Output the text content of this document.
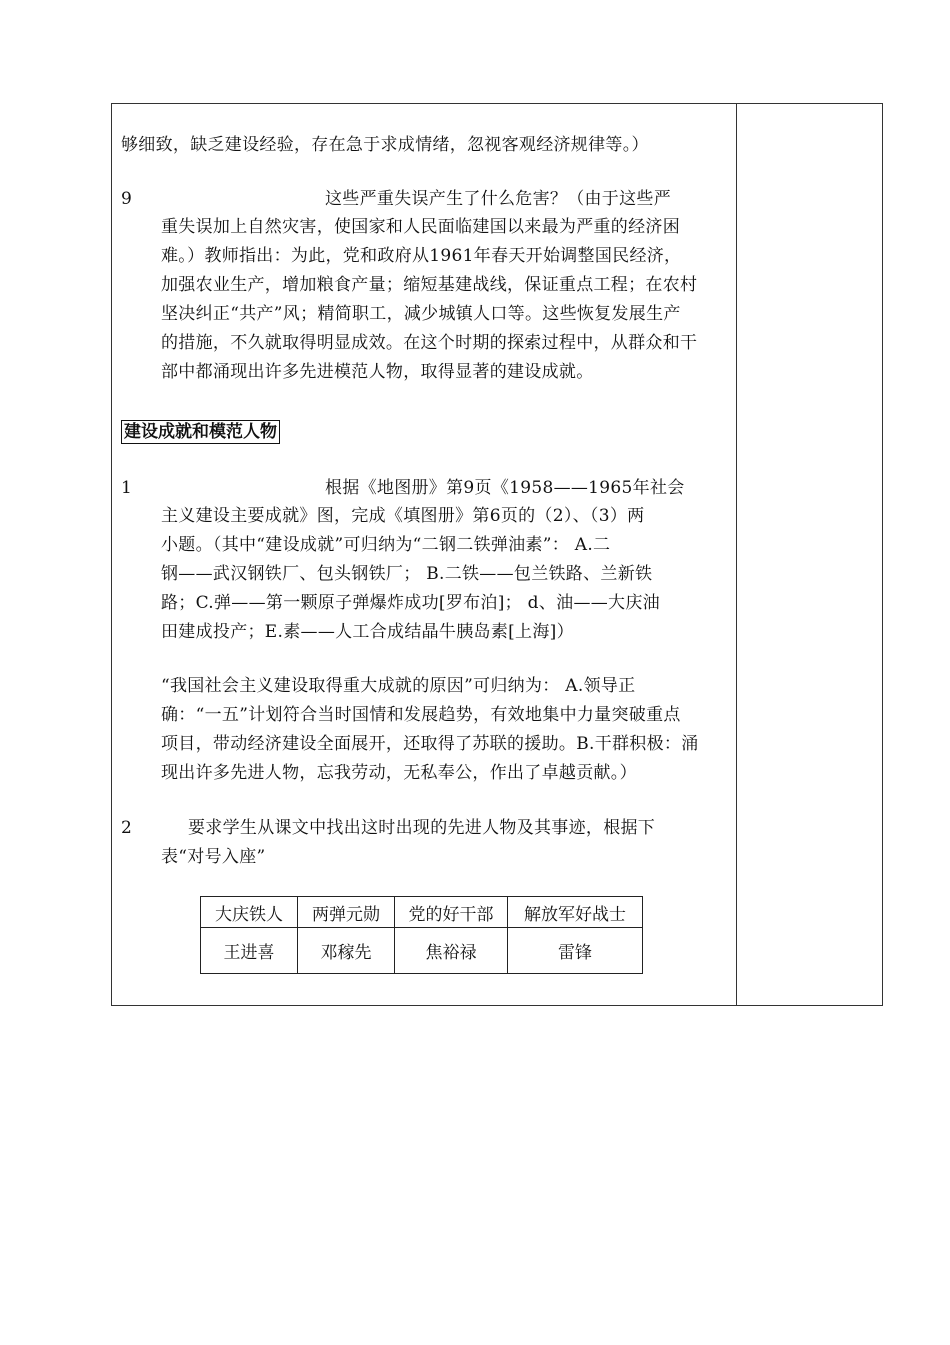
够细致，缺乏建设经验，存在急于求成情绪，忽视客观经济规律等。）
9	这些严重失误产生了什么危害？（由于这些严
重失误加上自然灾害，使国家和人民面临建国以来最为严重的经济困
难。）教师指出：为此，党和政府从1961年春天开始调整国民经济，
加强农业生产，增加粮食产量；缩短基建战线，保证重点工程；在农村
坚决纠正“共产”风；精简职工，减少城镇人口等。这些恢复发展生产
的措施，不久就取得明显成效。在这个时期的探索过程中，从群众和干
部中都涌现出许多先进模范人物，取得显著的建设成就。
建设成就和模范人物
1	根据《地图册》第9页《1958——1965年社会
主义建设主要成就》图，完成《填图册》第6页的（2）、（3）两
小题。（其中“建设成就”可归纳为“二钢二铁弹油素”： A.二
钢——武汉钢铁厂、包头钢铁厂； B.二铁——包兰铁路、兰新铁
路；C.弹——第一颗原子弹爆炸成功[罗布泊]； d、油——大庆油
田建成投产；E.素——人工合成结晶牛胰岛素[上海]）
“我国社会主义建设取得重大成就的原因”可归纳为： A.领导正
确：“一五”计划符合当时国情和发展趋势，有效地集中力量突破重点
项目，带动经济建设全面展开，还取得了苏联的援助。B.干群积极：涌
现出许多先进人物，忘我劳动，无私奉公，作出了卓越贡献。）
2	要求学生从课文中找出这时出现的先进人物及其事迹，根据下
表“对号入座”
大庆铁人	两弹元勋	党的好干部	解放军好战士
王进喜	邓稼先	焦裕禄	雷锋
